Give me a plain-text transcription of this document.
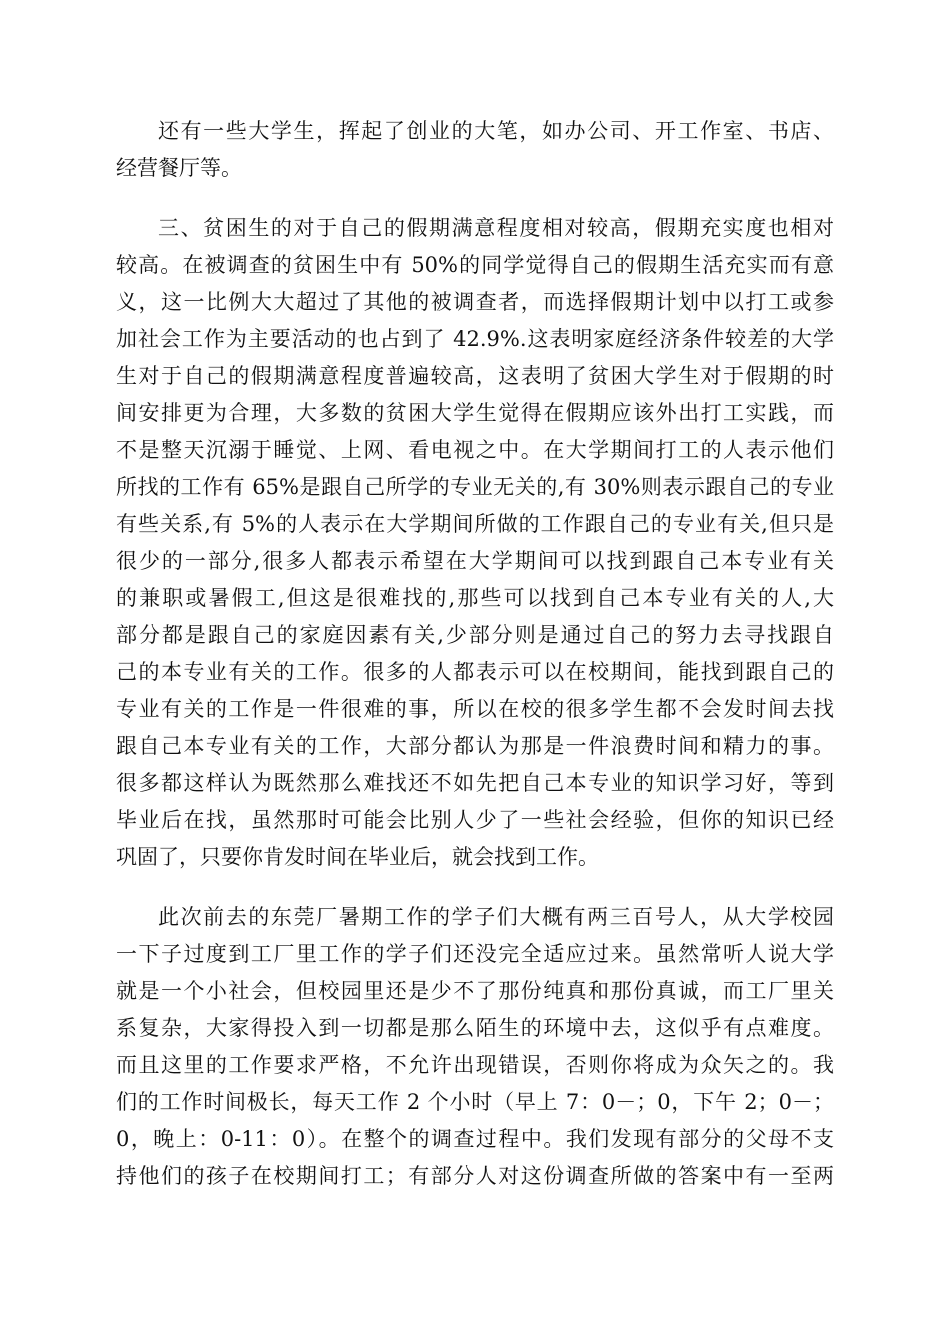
还有一些大学生，挥起了创业的大笔，如办公司、开工作室、书店、
经营餐厅等。
三、贫困生的对于自己的假期满意程度相对较高，假期充实度也相对
较高。在被调查的贫困生中有 50%的同学觉得自己的假期生活充实而有意
义，这一比例大大超过了其他的被调查者，而选择假期计划中以打工或参
加社会工作为主要活动的也占到了 42.9%.这表明家庭经济条件较差的大学
生对于自己的假期满意程度普遍较高，这表明了贫困大学生对于假期的时
间安排更为合理，大多数的贫困大学生觉得在假期应该外出打工实践，而
不是整天沉溺于睡觉、上网、看电视之中。在大学期间打工的人表示他们
所找的工作有 65%是跟自己所学的专业无关的,有 30%则表示跟自己的专业
有些关系,有 5%的人表示在大学期间所做的工作跟自己的专业有关,但只是
很少的一部分,很多人都表示希望在大学期间可以找到跟自己本专业有关
的兼职或暑假工,但这是很难找的,那些可以找到自己本专业有关的人,大
部分都是跟自己的家庭因素有关,少部分则是通过自己的努力去寻找跟自
己的本专业有关的工作。很多的人都表示可以在校期间，能找到跟自己的
专业有关的工作是一件很难的事，所以在校的很多学生都不会发时间去找
跟自己本专业有关的工作，大部分都认为那是一件浪费时间和精力的事。
很多都这样认为既然那么难找还不如先把自己本专业的知识学习好，等到
毕业后在找，虽然那时可能会比别人少了一些社会经验，但你的知识已经
巩固了，只要你肯发时间在毕业后，就会找到工作。
此次前去的东莞厂暑期工作的学子们大概有两三百号人，从大学校园
一下子过度到工厂里工作的学子们还没完全适应过来。虽然常听人说大学
就是一个小社会，但校园里还是少不了那份纯真和那份真诚，而工厂里关
系复杂，大家得投入到一切都是那么陌生的环境中去，这似乎有点难度。
而且这里的工作要求严格，不允许出现错误，否则你将成为众矢之的。我
们的工作时间极长，每天工作 2 个小时（早上 7：0－；0，下午 2；0－；
0，晚上：0-11：0）。在整个的调查过程中。我们发现有部分的父母不支
持他们的孩子在校期间打工；有部分人对这份调查所做的答案中有一至两
